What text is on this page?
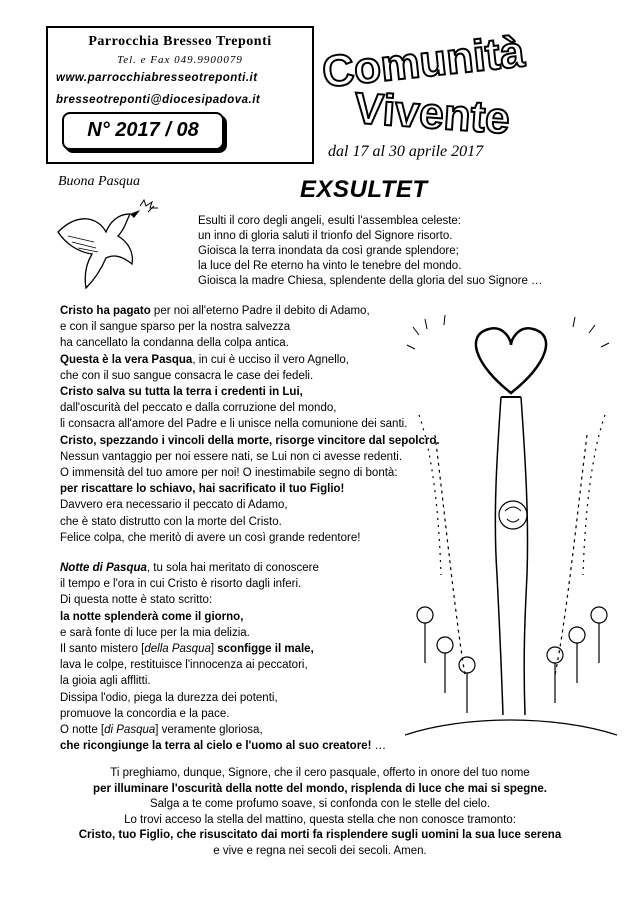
Parrocchia Bresseo Treponti
Tel. e Fax 049.9900079
www.parrocchiabresseotreponti.it
bresseotreponti@diocesipadova.it
N° 2017 / 08
Comunità
Vivente
dal 17 al 30 aprile 2017
Buona Pasqua	EXSULTET
Esulti il coro degli angeli, esulti l'assemblea celeste:
un inno di gloria saluti il trionfo del Signore risorto.
Gioisca la terra inondata da così grande splendore;
la luce del Re eterno ha vinto le tenebre del mondo.
Gioisca la madre Chiesa, splendente della gloria del suo Signore …
Cristo ha pagato per noi all'eterno Padre il debito di Adamo,
e con il sangue sparso per la nostra salvezza
ha cancellato la condanna della colpa antica.
Questa è la vera Pasqua, in cui è ucciso il vero Agnello,
che con il suo sangue consacra le case dei fedeli.
Cristo salva su tutta la terra i credenti in Lui,
dall'oscurità del peccato e dalla corruzione del mondo,
li consacra all'amore del Padre e li unisce nella comunione dei santi.
Cristo, spezzando i vincoli della morte, risorge vincitore dal sepolcro.
Nessun vantaggio per noi essere nati, se Lui non ci avesse redenti.
O immensità del tuo amore per noi! O inestimabile segno di bontà:
per riscattare lo schiavo, hai sacrificato il tuo Figlio!
Davvero era necessario il peccato di Adamo,
che è stato distrutto con la morte del Cristo.
Felice colpa, che meritò di avere un così grande redentore!
Notte di Pasqua, tu sola hai meritato di conoscere
il tempo e l'ora in cui Cristo è risorto dagli inferi.
Di questa notte è stato scritto:
la notte splenderà come il giorno,
e sarà fonte di luce per la mia delizia.
Il santo mistero [della Pasqua] sconfigge il male,
lava le colpe, restituisce l'innocenza ai peccatori,
la gioia agli afflitti.
Dissipa l'odio, piega la durezza dei potenti,
promuove la concordia e la pace.
O notte [di Pasqua] veramente gloriosa,
che ricongiunge la terra al cielo e l'uomo al suo creatore! …
Ti preghiamo, dunque, Signore, che il cero pasquale, offerto in onore del tuo nome
per illuminare l'oscurità della notte del mondo, risplenda di luce che mai si spegne.
Salga a te come profumo soave, si confonda con le stelle del cielo.
Lo trovi acceso la stella del mattino, questa stella che non conosce tramonto:
Cristo, tuo Figlio, che risuscitato dai morti fa risplendere sugli uomini la sua luce serena
e vive e regna nei secoli dei secoli. Amen.
